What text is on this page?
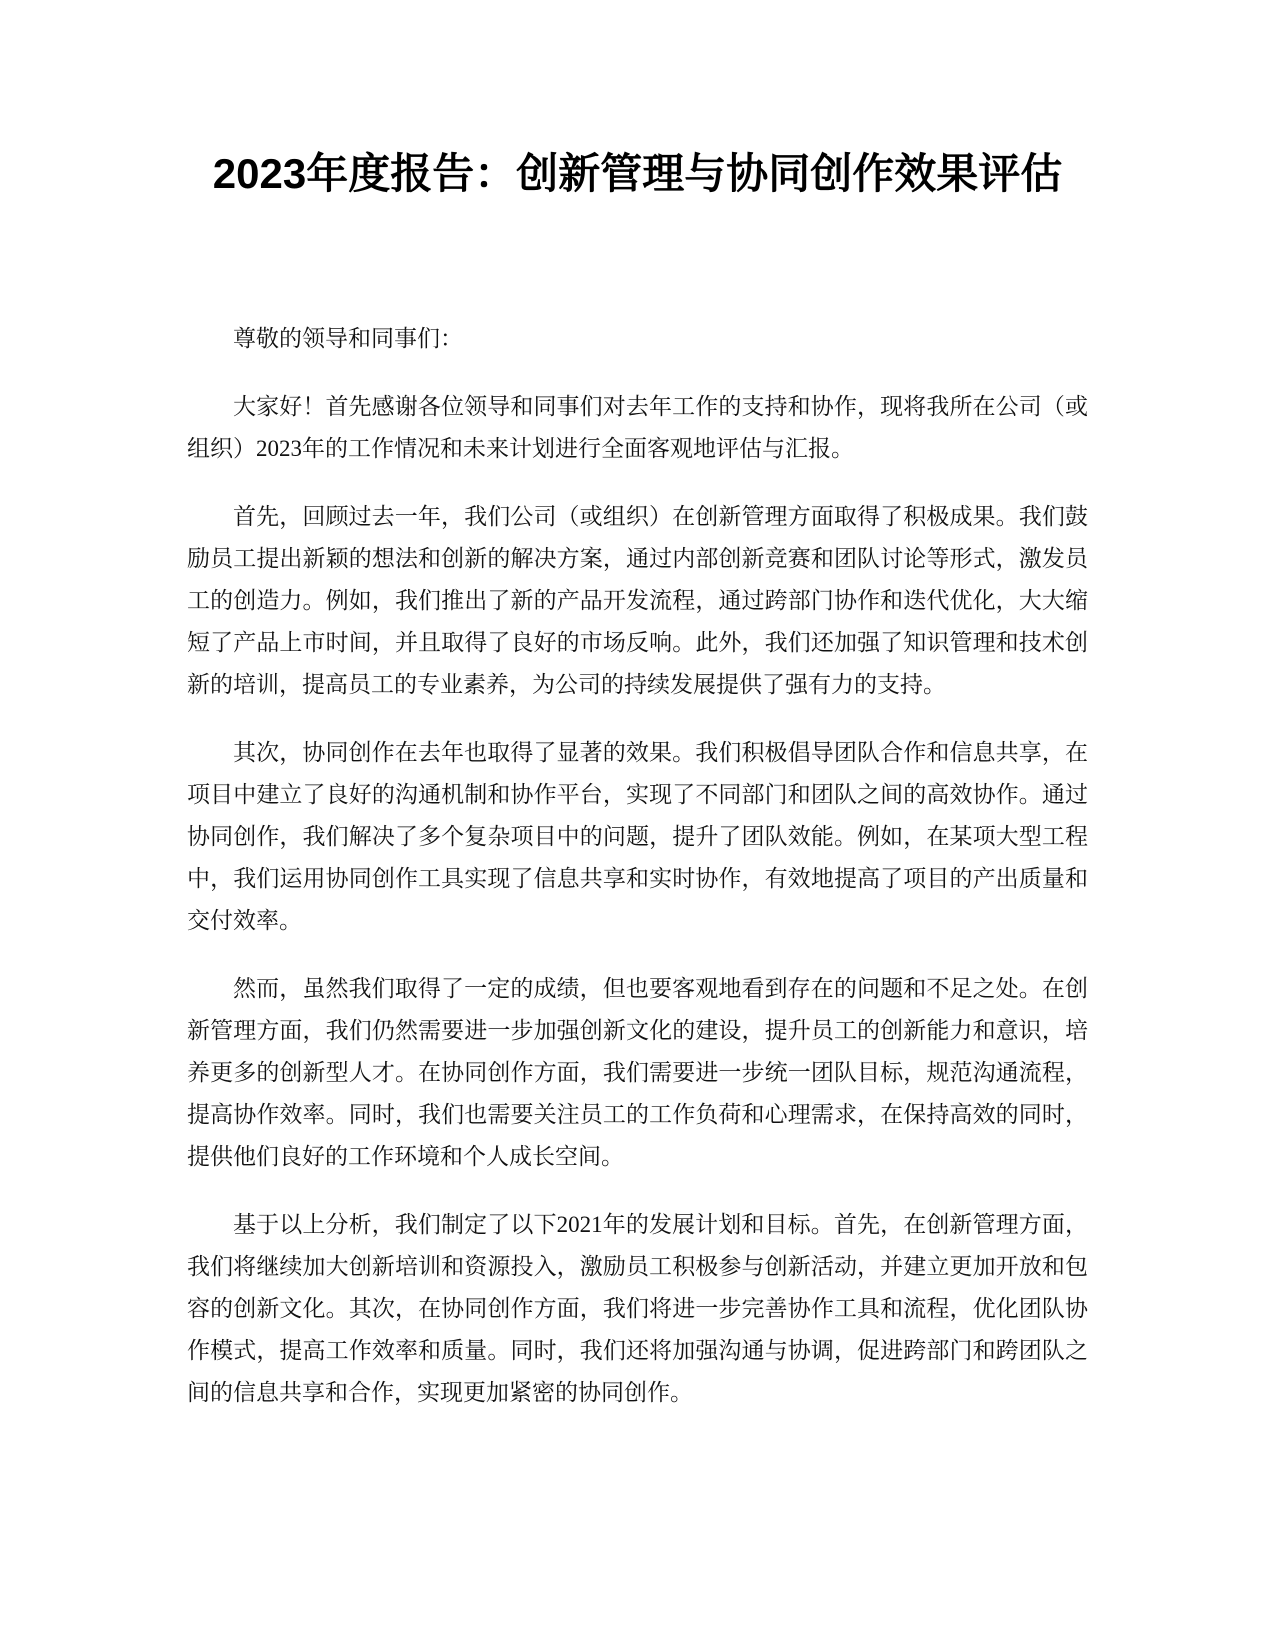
2023年度报告：创新管理与协同创作效果评估

尊敬的领导和同事们：

大家好！首先感谢各位领导和同事们对去年工作的支持和协作，现将我所在公司（或组织）2023年的工作情况和未来计划进行全面客观地评估与汇报。

首先，回顾过去一年，我们公司（或组织）在创新管理方面取得了积极成果。我们鼓励员工提出新颖的想法和创新的解决方案，通过内部创新竞赛和团队讨论等形式，激发员工的创造力。例如，我们推出了新的产品开发流程，通过跨部门协作和迭代优化，大大缩短了产品上市时间，并且取得了良好的市场反响。此外，我们还加强了知识管理和技术创新的培训，提高员工的专业素养，为公司的持续发展提供了强有力的支持。

其次，协同创作在去年也取得了显著的效果。我们积极倡导团队合作和信息共享，在项目中建立了良好的沟通机制和协作平台，实现了不同部门和团队之间的高效协作。通过协同创作，我们解决了多个复杂项目中的问题，提升了团队效能。例如，在某项大型工程中，我们运用协同创作工具实现了信息共享和实时协作，有效地提高了项目的产出质量和交付效率。

然而，虽然我们取得了一定的成绩，但也要客观地看到存在的问题和不足之处。在创新管理方面，我们仍然需要进一步加强创新文化的建设，提升员工的创新能力和意识，培养更多的创新型人才。在协同创作方面，我们需要进一步统一团队目标，规范沟通流程，提高协作效率。同时，我们也需要关注员工的工作负荷和心理需求，在保持高效的同时，提供他们良好的工作环境和个人成长空间。

基于以上分析，我们制定了以下2021年的发展计划和目标。首先，在创新管理方面，我们将继续加大创新培训和资源投入，激励员工积极参与创新活动，并建立更加开放和包容的创新文化。其次，在协同创作方面，我们将进一步完善协作工具和流程，优化团队协作模式，提高工作效率和质量。同时，我们还将加强沟通与协调，促进跨部门和跨团队之间的信息共享和合作，实现更加紧密的协同创作。
